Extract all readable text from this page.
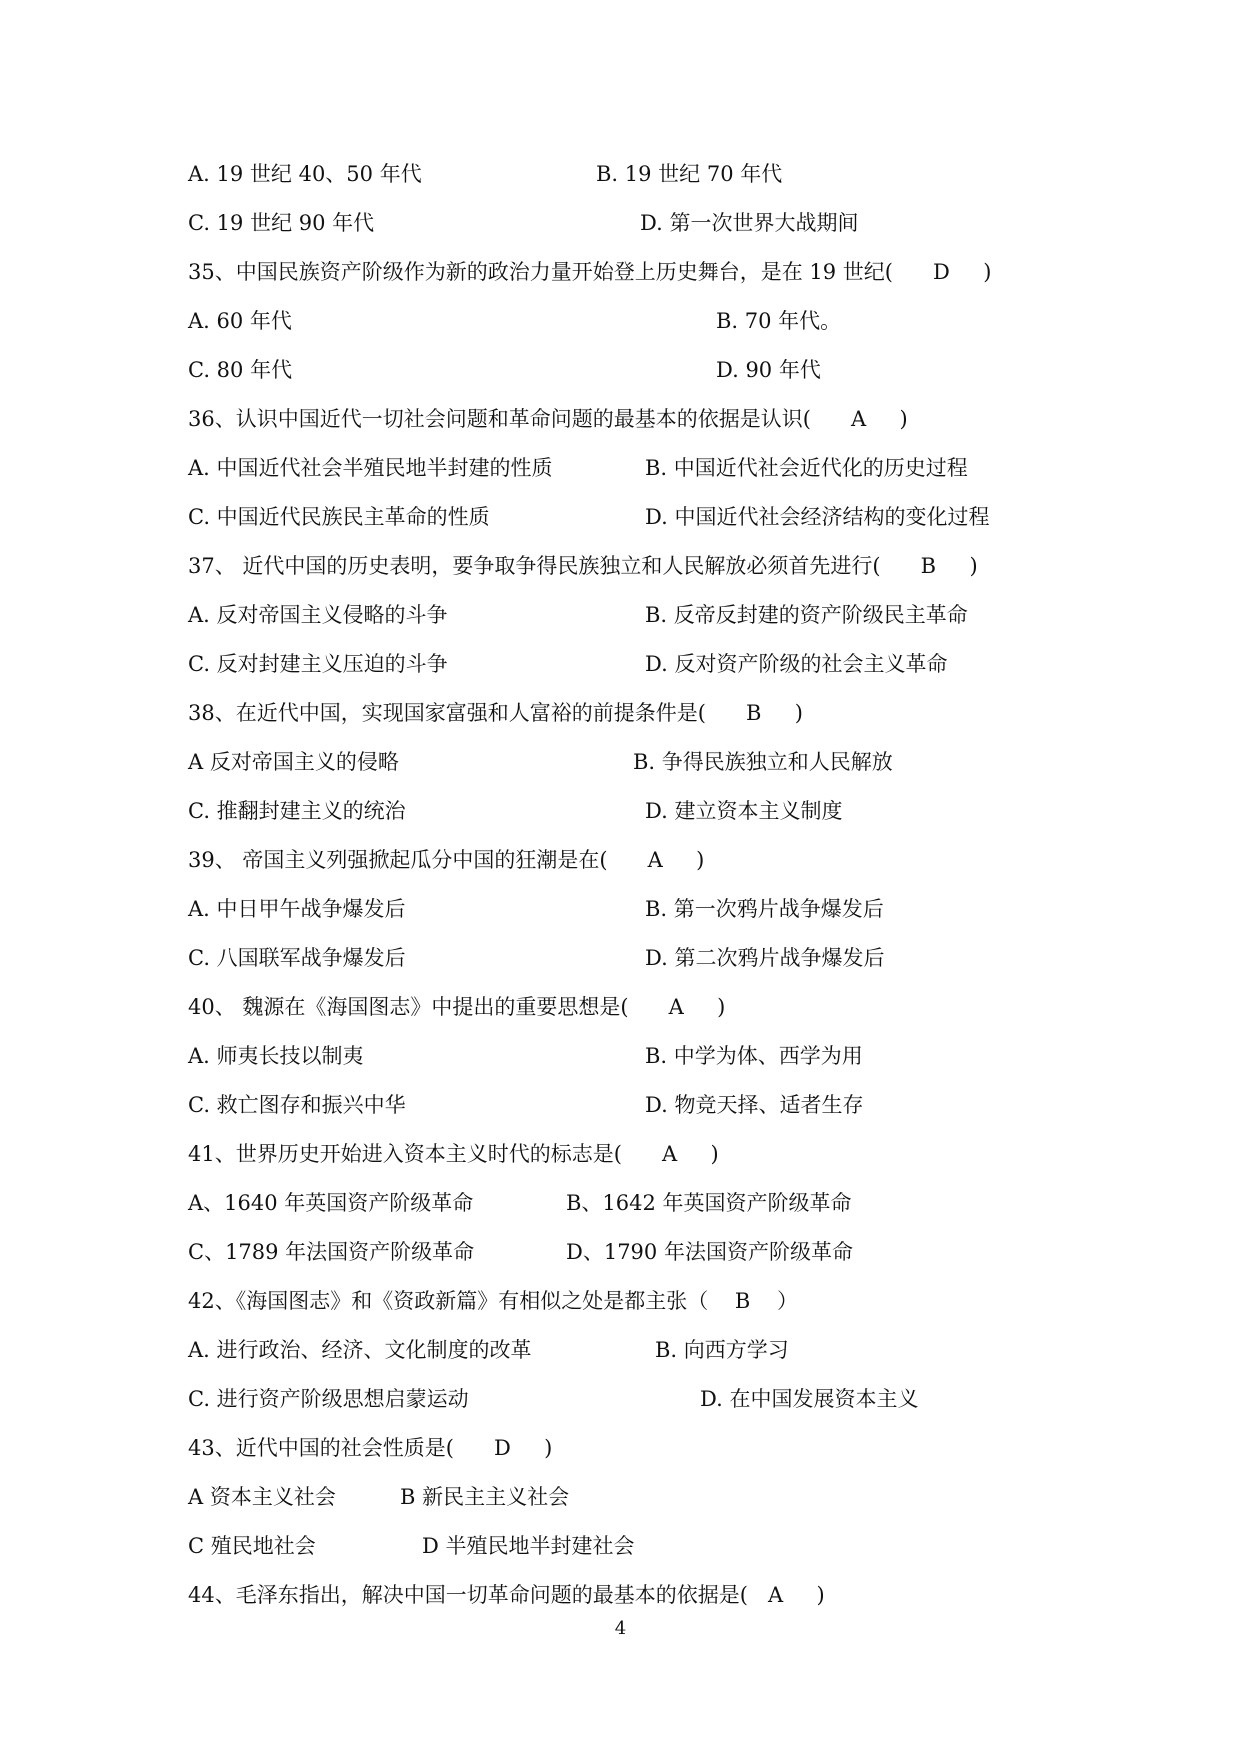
A. 19 世纪 40、50 年代	B. 19 世纪 70 年代
C. 19 世纪 90 年代	D. 第一次世界大战期间
35、中国民族资产阶级作为新的政治力量开始登上历史舞台，是在 19 世纪(      D     )
A. 60 年代	B. 70 年代。
C. 80 年代	D. 90 年代
36、认识中国近代一切社会问题和革命问题的最基本的依据是认识(      A     )
A. 中国近代社会半殖民地半封建的性质	B. 中国近代社会近代化的历史过程
C. 中国近代民族民主革命的性质	D. 中国近代社会经济结构的变化过程
37、 近代中国的历史表明，要争取争得民族独立和人民解放必须首先进行(      B     )
A. 反对帝国主义侵略的斗争	B. 反帝反封建的资产阶级民主革命
C. 反对封建主义压迫的斗争	D. 反对资产阶级的社会主义革命
38、在近代中国，实现国家富强和人富裕的前提条件是(      B     )
A 反对帝国主义的侵略	B. 争得民族独立和人民解放
C. 推翻封建主义的统治	D. 建立资本主义制度
39、 帝国主义列强掀起瓜分中国的狂潮是在(      A     )
A. 中日甲午战争爆发后	B. 第一次鸦片战争爆发后
C. 八国联军战争爆发后	D. 第二次鸦片战争爆发后
40、 魏源在《海国图志》中提出的重要思想是(      A     )
A. 师夷长技以制夷	B. 中学为体、西学为用
C. 救亡图存和振兴中华	D. 物竞天择、适者生存
41、世界历史开始进入资本主义时代的标志是(      A     )
A、1640 年英国资产阶级革命	B、1642 年英国资产阶级革命
C、1789 年法国资产阶级革命	D、1790 年法国资产阶级革命
42、《海国图志》和《资政新篇》有相似之处是都主张（    B    ）
A. 进行政治、经济、文化制度的改革	B. 向西方学习
C. 进行资产阶级思想启蒙运动	D. 在中国发展资本主义
43、近代中国的社会性质是(      D     )
A 资本主义社会	B 新民主主义社会
C 殖民地社会	D 半殖民地半封建社会
44、毛泽东指出，解决中国一切革命问题的最基本的依据是(   A     )
4
